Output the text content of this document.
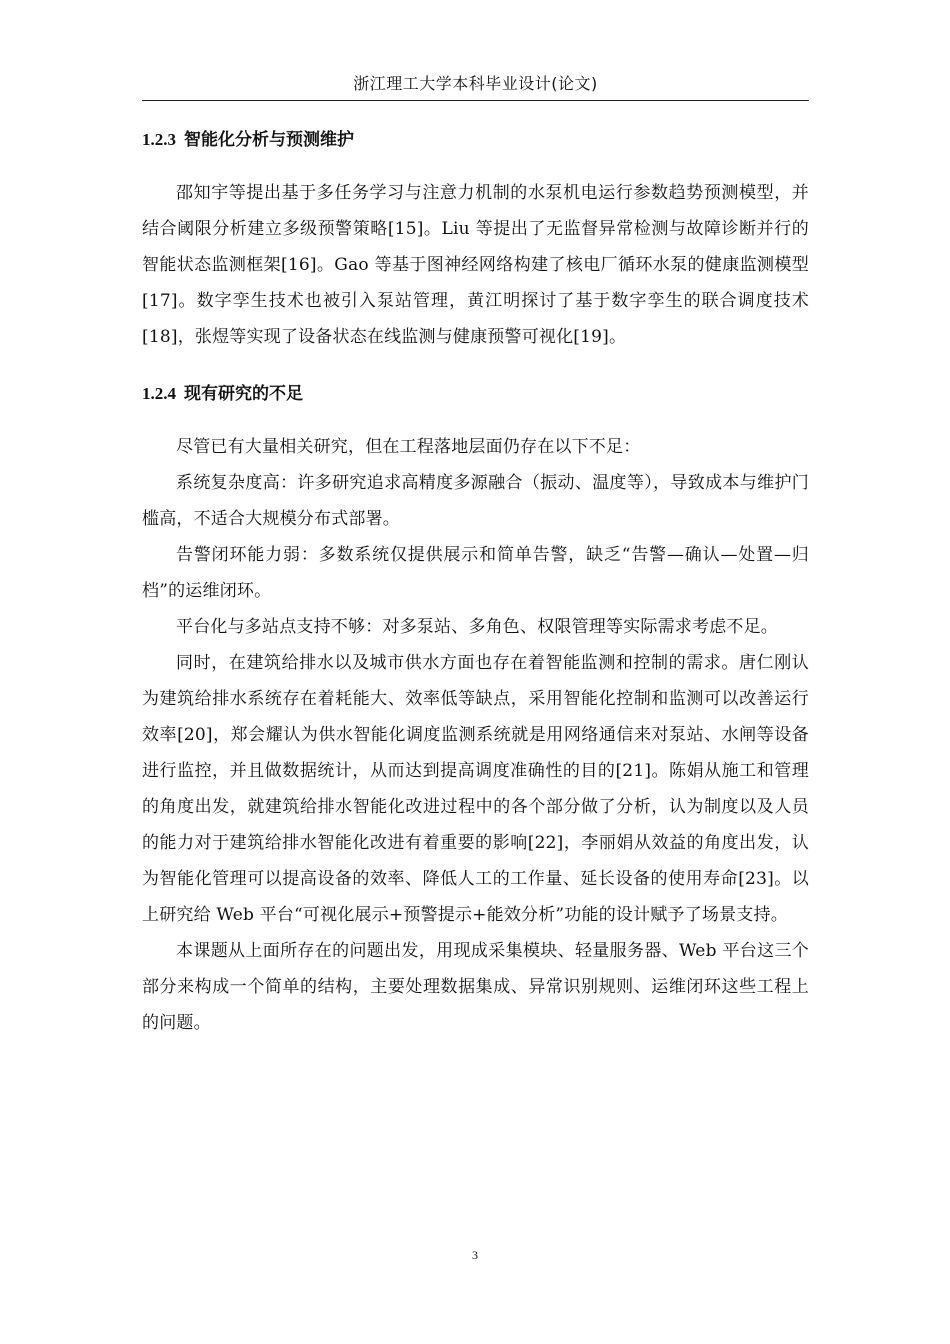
浙江理工大学本科毕业设计(论文)
1.2.3 智能化分析与预测维护

邵知宇等提出基于多任务学习与注意力机制的水泵机电运行参数趋势预测模型，并结合阈限分析建立多级预警策略[15]。Liu 等提出了无监督异常检测与故障诊断并行的智能状态监测框架[16]。Gao 等基于图神经网络构建了核电厂循环水泵的健康监测模型[17]。数字孪生技术也被引入泵站管理，黄江明探讨了基于数字孪生的联合调度技术[18]，张煜等实现了设备状态在线监测与健康预警可视化[19]。

1.2.4 现有研究的不足

尽管已有大量相关研究，但在工程落地层面仍存在以下不足：

系统复杂度高：许多研究追求高精度多源融合（振动、温度等），导致成本与维护门槛高，不适合大规模分布式部署。

告警闭环能力弱：多数系统仅提供展示和简单告警，缺乏“告警—确认—处置—归档”的运维闭环。

平台化与多站点支持不够：对多泵站、多角色、权限管理等实际需求考虑不足。

同时，在建筑给排水以及城市供水方面也存在着智能监测和控制的需求。唐仁刚认为建筑给排水系统存在着耗能大、效率低等缺点，采用智能化控制和监测可以改善运行效率[20]，郑会耀认为供水智能化调度监测系统就是用网络通信来对泵站、水闸等设备进行监控，并且做数据统计，从而达到提高调度准确性的目的[21]。陈娟从施工和管理的角度出发，就建筑给排水智能化改进过程中的各个部分做了分析，认为制度以及人员的能力对于建筑给排水智能化改进有着重要的影响[22]，李丽娟从效益的角度出发，认为智能化管理可以提高设备的效率、降低人工的工作量、延长设备的使用寿命[23]。以上研究给 Web 平台“可视化展示+预警提示+能效分析”功能的设计赋予了场景支持。

本课题从上面所存在的问题出发，用现成采集模块、轻量服务器、Web 平台这三个部分来构成一个简单的结构，主要处理数据集成、异常识别规则、运维闭环这些工程上的问题。

3
